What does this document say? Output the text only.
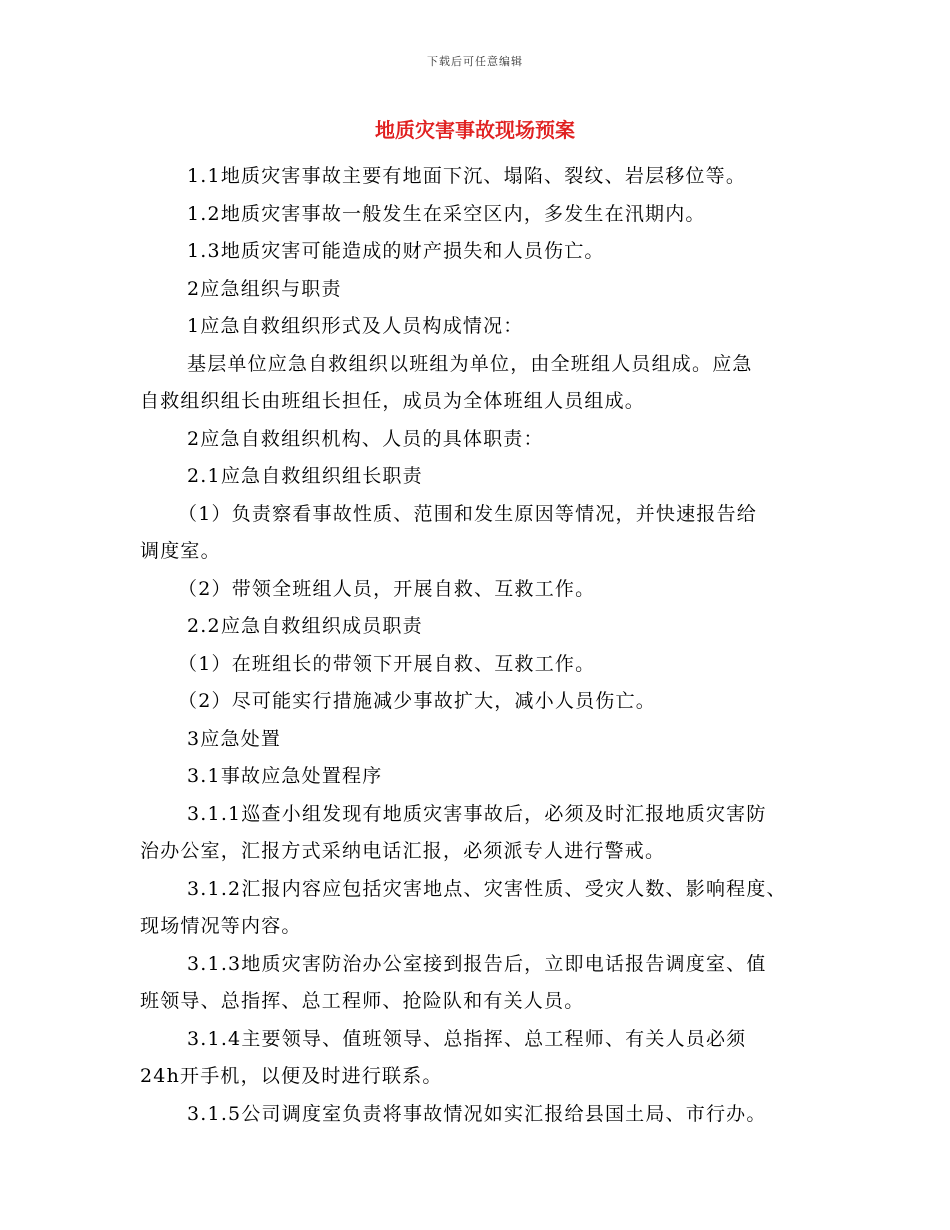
下载后可任意编辑
地质灾害事故现场预案
1.1地质灾害事故主要有地面下沉、塌陷、裂纹、岩层移位等。
1.2地质灾害事故一般发生在采空区内，多发生在汛期内。
1.3地质灾害可能造成的财产损失和人员伤亡。
2应急组织与职责
1应急自救组织形式及人员构成情况：
基层单位应急自救组织以班组为单位，由全班组人员组成。应急
自救组织组长由班组长担任，成员为全体班组人员组成。
2应急自救组织机构、人员的具体职责：
2.1应急自救组织组长职责
（1）负责察看事故性质、范围和发生原因等情况，并快速报告给
调度室。
（2）带领全班组人员，开展自救、互救工作。
2.2应急自救组织成员职责
（1）在班组长的带领下开展自救、互救工作。
（2）尽可能实行措施减少事故扩大，减小人员伤亡。
3应急处置
3.1事故应急处置程序
3.1.1巡查小组发现有地质灾害事故后，必须及时汇报地质灾害防
治办公室，汇报方式采纳电话汇报，必须派专人进行警戒。
3.1.2汇报内容应包括灾害地点、灾害性质、受灾人数、影响程度、
现场情况等内容。
3.1.3地质灾害防治办公室接到报告后，立即电话报告调度室、值
班领导、总指挥、总工程师、抢险队和有关人员。
3.1.4主要领导、值班领导、总指挥、总工程师、有关人员必须
24h开手机，以便及时进行联系。
3.1.5公司调度室负责将事故情况如实汇报给县国土局、市行办。
